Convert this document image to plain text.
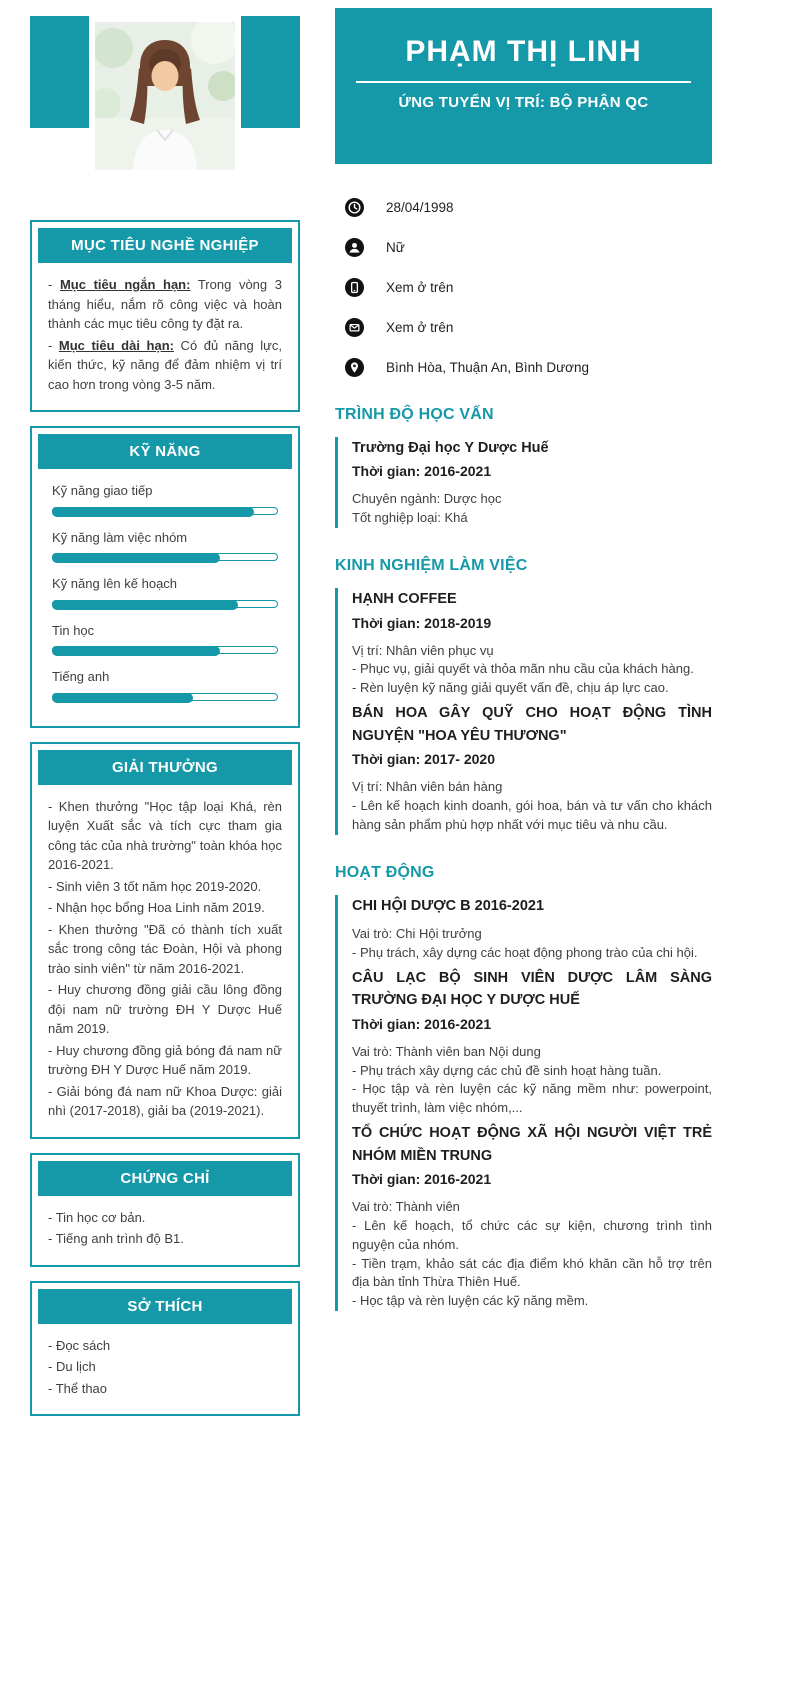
MỤC TIÊU NGHỀ NGHIỆP

- Mục tiêu ngắn hạn: Trong vòng 3 tháng hiểu, nắm rõ công việc và hoàn thành các mục tiêu công ty đặt ra.

- Mục tiêu dài hạn: Có đủ năng lực, kiến thức, kỹ năng để đảm nhiệm vị trí cao hơn trong vòng 3-5 năm.

KỸ NĂNG
Kỹ năng giao tiếp
Kỹ năng làm việc nhóm
Kỹ năng lên kế hoạch
Tin học
Tiếng anh
GIẢI THƯỞNG
- Khen thưởng "Học tập loại Khá, rèn luyện Xuất sắc và tích cực tham gia công tác của nhà trường" toàn khóa học 2016-2021.
- Sinh viên 3 tốt năm học 2019-2020.
- Nhận học bổng Hoa Linh năm 2019.
- Khen thưởng "Đã có thành tích xuất sắc trong công tác Đoàn, Hội và phong trào sinh viên" từ năm 2016-2021.
- Huy chương đồng giải cầu lông đồng đội nam nữ trường ĐH Y Dược Huế năm 2019.
- Huy chương đồng giả bóng đá nam nữ trường ĐH Y Dược Huế năm 2019.
- Giải bóng đá nam nữ Khoa Dược: giải nhì (2017-2018), giải ba (2019-2021).
CHỨNG CHỈ
- Tin học cơ bản.
- Tiếng anh trình độ B1.
SỞ THÍCH
- Đọc sách
- Du lịch
- Thể thao
PHẠM THỊ LINH
ỨNG TUYỂN VỊ TRÍ: BỘ PHẬN QC
28/04/1998
Nữ
Xem ở trên
Xem ở trên
Bình Hòa, Thuận An, Bình Dương
TRÌNH ĐỘ HỌC VẤN
Trường Đại học Y Dược Huế
Thời gian: 2016-2021
Chuyên ngành: Dược học
Tốt nghiệp loại: Khá
KINH NGHIỆM LÀM VIỆC
HẠNH COFFEE
Thời gian: 2018-2019
Vị trí: Nhân viên phục vụ
- Phục vụ, giải quyết và thỏa mãn nhu cầu của khách hàng.
- Rèn luyện kỹ năng giải quyết vấn đề, chịu áp lực cao.
BÁN HOA GÂY QUỸ CHO HOẠT ĐỘNG TÌNH NGUYỆN "HOA YÊU THƯƠNG"
Thời gian: 2017- 2020
Vị trí: Nhân viên bán hàng
- Lên kế hoạch kinh doanh, gói hoa, bán và tư vấn cho khách hàng sản phẩm phù hợp nhất với mục tiêu và nhu cầu.
HOẠT ĐỘNG
CHI HỘI DƯỢC B 2016-2021
Vai trò: Chi Hội trưởng
- Phụ trách, xây dựng các hoạt động phong trào của chi hội.
CÂU LẠC BỘ SINH VIÊN DƯỢC LÂM SÀNG TRƯỜNG ĐẠI HỌC Y DƯỢC HUẾ
Thời gian: 2016-2021
Vai trò: Thành viên ban Nội dung
- Phụ trách xây dựng các chủ đề sinh hoạt hàng tuần.
- Học tập và rèn luyện các kỹ năng mềm như: powerpoint, thuyết trình, làm việc nhóm,...
TỔ CHỨC HOẠT ĐỘNG XÃ HỘI NGƯỜI VIỆT TRẺ NHÓM MIỀN TRUNG
Thời gian: 2016-2021
Vai trò: Thành viên
- Lên kế hoạch, tổ chức các sự kiện, chương trình tình nguyện của nhóm.
- Tiền trạm, khảo sát các địa điểm khó khăn cần hỗ trợ trên địa bàn tỉnh Thừa Thiên Huế.
- Học tập và rèn luyện các kỹ năng mềm.
